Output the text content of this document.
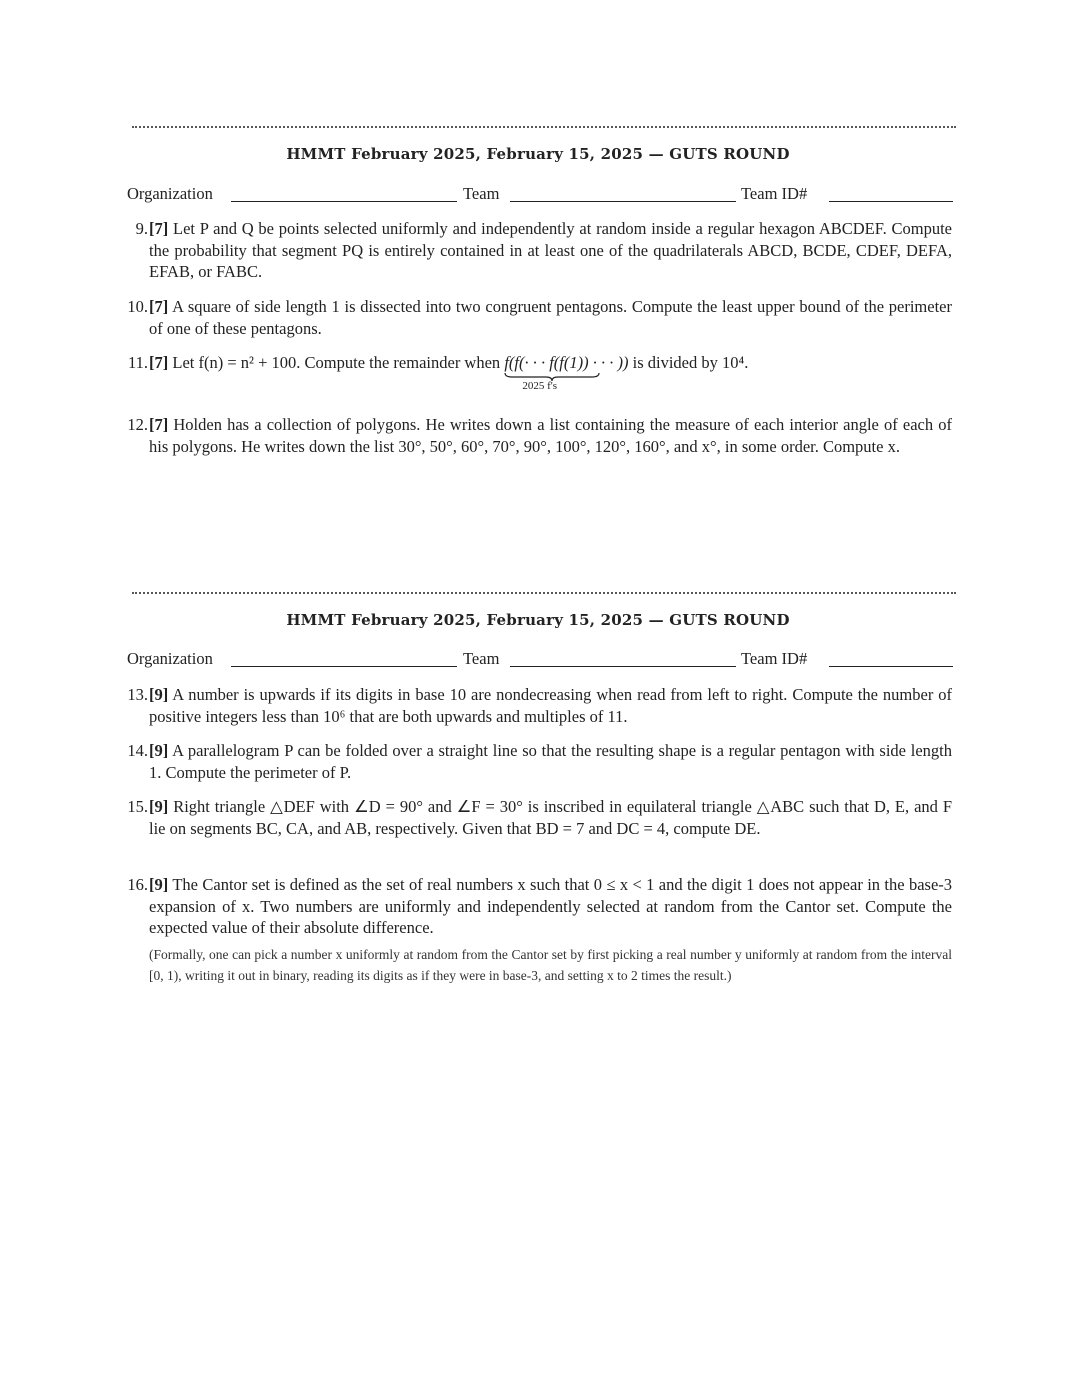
HMMT February 2025, February 15, 2025 — GUTS ROUND
Organization	Team	Team ID#
9. [7] Let P and Q be points selected uniformly and independently at random inside a regular hexagon ABCDEF. Compute the probability that segment PQ is entirely contained in at least one of the quadrilaterals ABCD, BCDE, CDEF, DEFA, EFAB, or FABC.
10. [7] A square of side length 1 is dissected into two congruent pentagons. Compute the least upper bound of the perimeter of one of these pentagons.
11. [7] Let f(n) = n² + 100. Compute the remainder when f(f(· · · f(f(1)) · · · ))
2025 f's
is divided by 10⁴.
12. [7] Holden has a collection of polygons. He writes down a list containing the measure of each interior angle of each of his polygons. He writes down the list 30°, 50°, 60°, 70°, 90°, 100°, 120°, 160°, and x°, in some order. Compute x.
HMMT February 2025, February 15, 2025 — GUTS ROUND
Organization	Team	Team ID#
13. [9] A number is upwards if its digits in base 10 are nondecreasing when read from left to right. Compute the number of positive integers less than 10⁶ that are both upwards and multiples of 11.
14. [9] A parallelogram P can be folded over a straight line so that the resulting shape is a regular pentagon with side length 1. Compute the perimeter of P.
15. [9] Right triangle △DEF with ∠D = 90° and ∠F = 30° is inscribed in equilateral triangle △ABC such that D, E, and F lie on segments BC, CA, and AB, respectively. Given that BD = 7 and DC = 4, compute DE.
16. [9] The Cantor set is defined as the set of real numbers x such that 0 ≤ x < 1 and the digit 1 does not appear in the base-3 expansion of x. Two numbers are uniformly and independently selected at random from the Cantor set. Compute the expected value of their absolute difference.
(Formally, one can pick a number x uniformly at random from the Cantor set by first picking a real number y uniformly at random from the interval [0, 1), writing it out in binary, reading its digits as if they were in base-3, and setting x to 2 times the result.)
